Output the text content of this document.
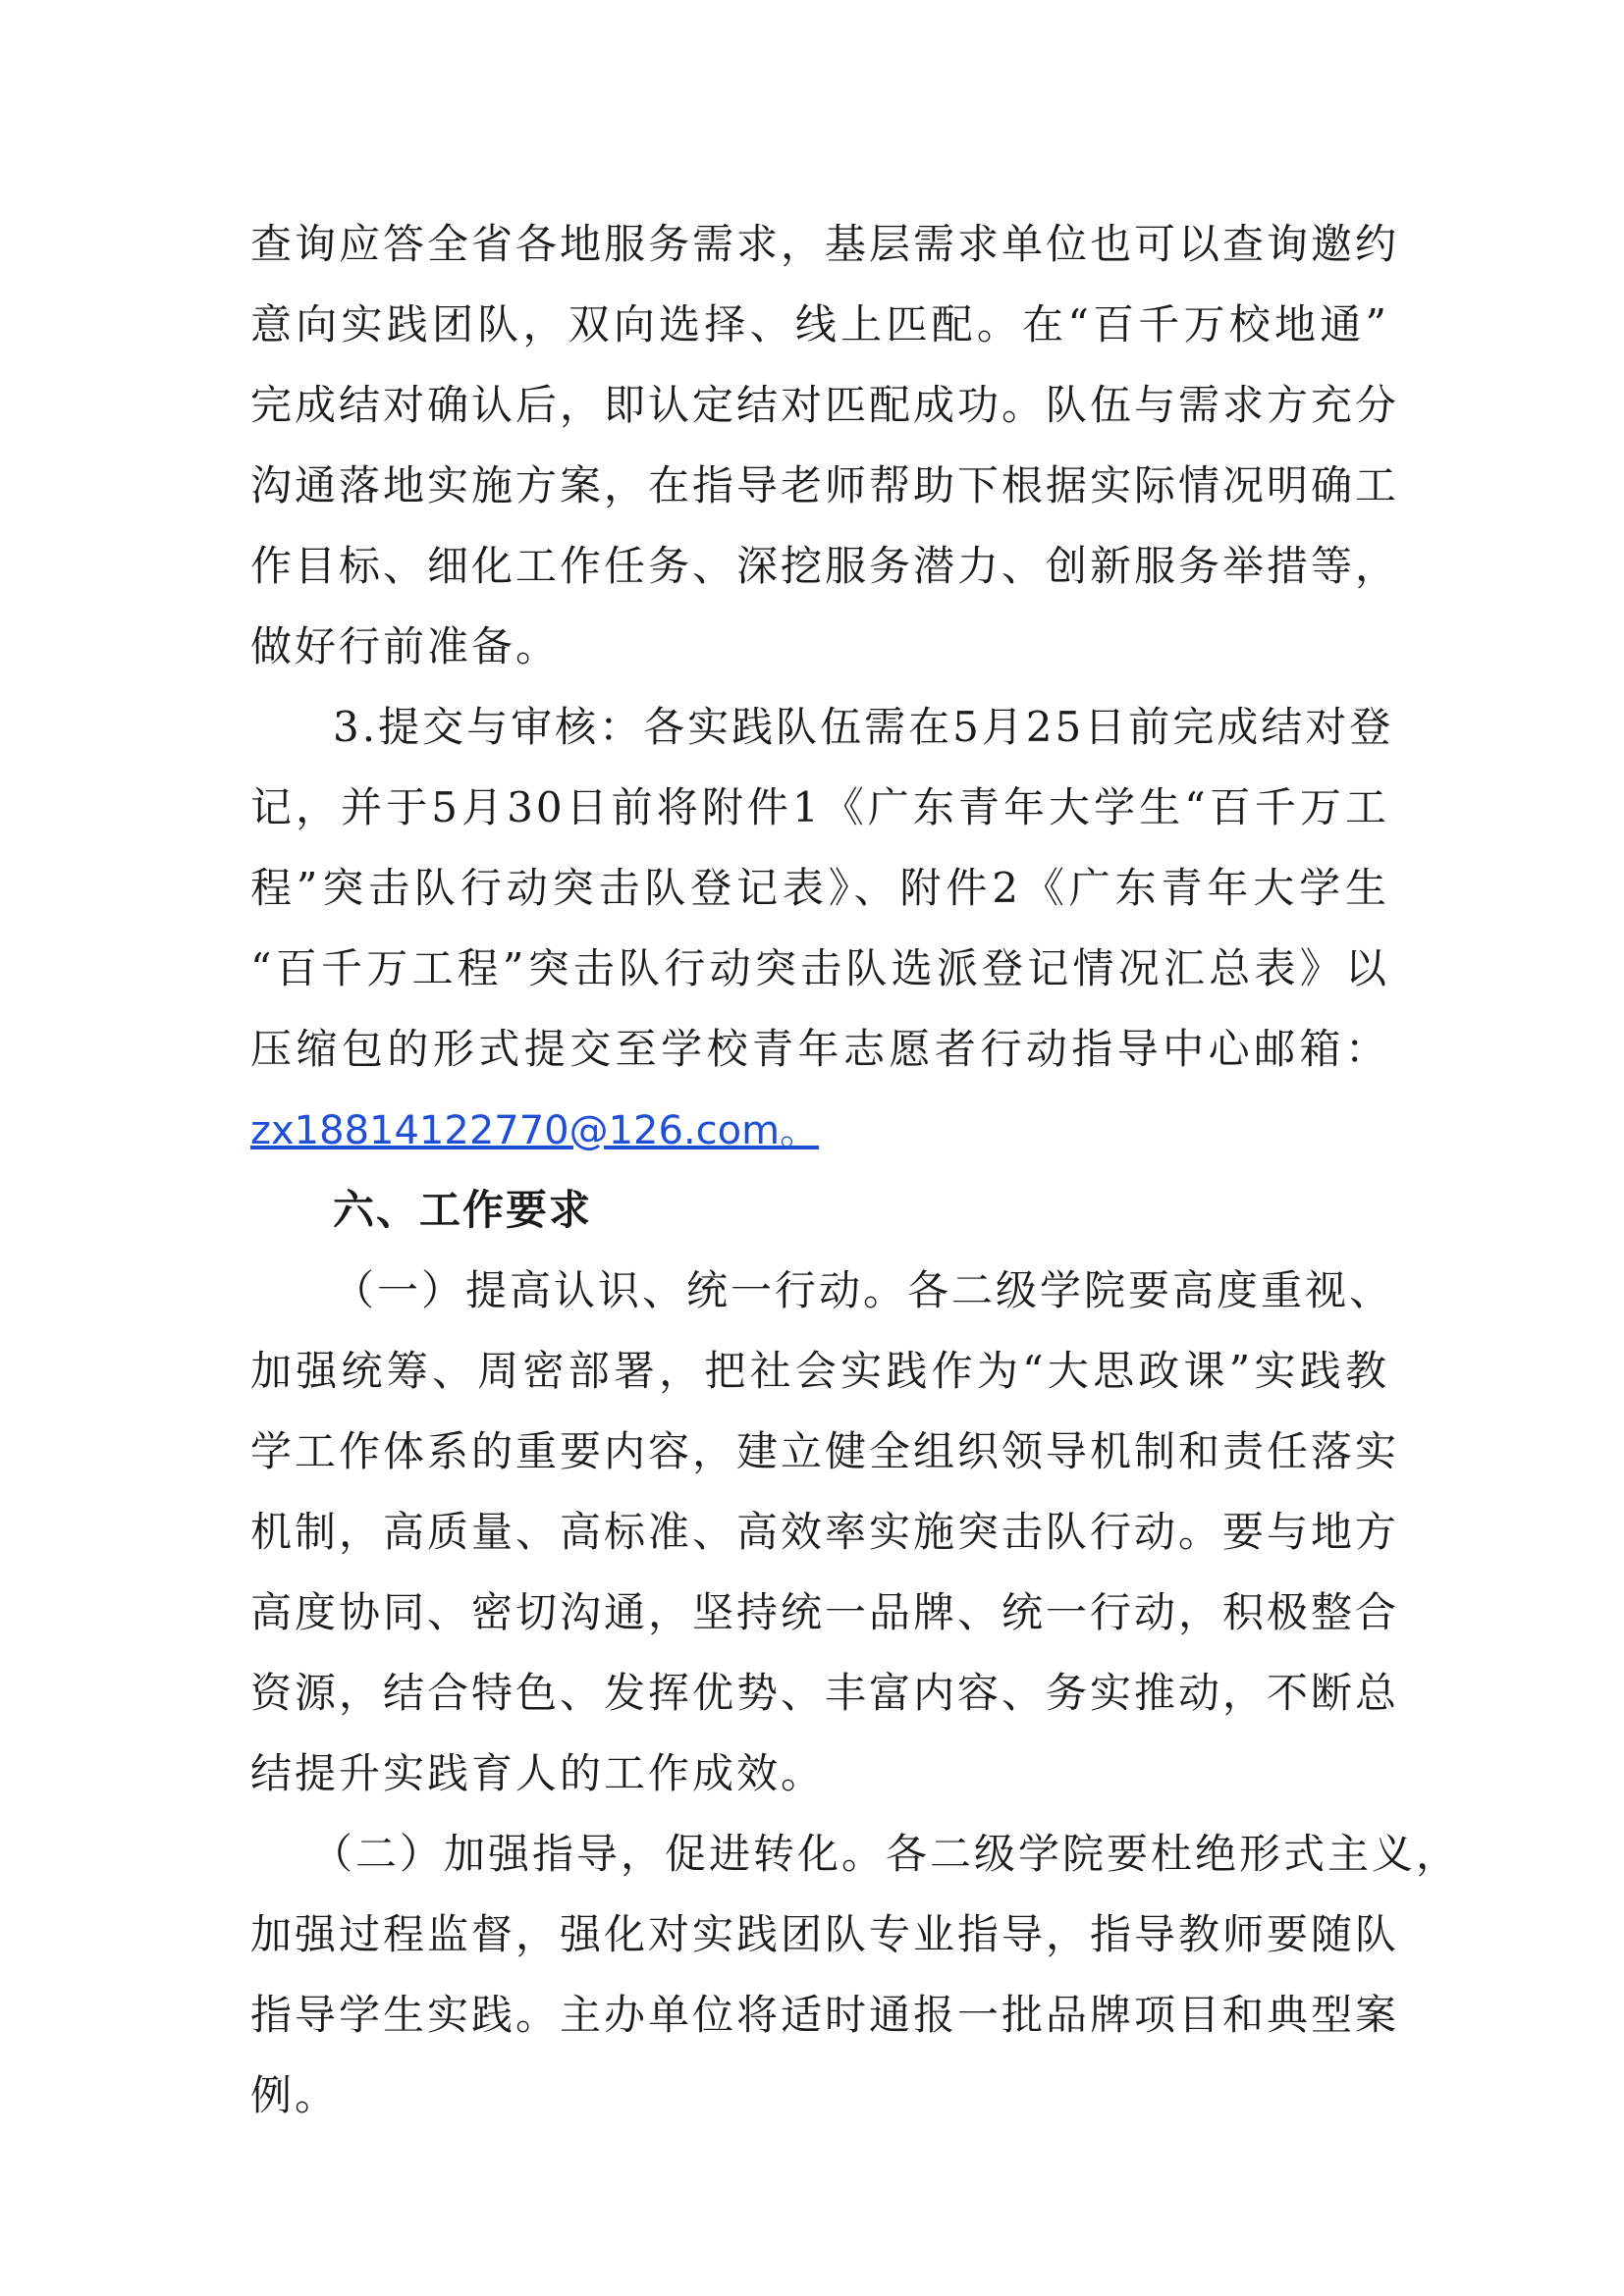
查询应答全省各地服务需求，基层需求单位也可以查询邀约
意向实践团队，双向选择、线上匹配。在“百千万校地通”
完成结对确认后，即认定结对匹配成功。队伍与需求方充分
沟通落地实施方案，在指导老师帮助下根据实际情况明确工
作目标、细化工作任务、深挖服务潜力、创新服务举措等，
做好行前准备。
3.提交与审核：各实践队伍需在5月25日前完成结对登
记，并于5月30日前将附件1《广东青年大学生“百千万工
程”突击队行动突击队登记表》、附件2《广东青年大学生
“百千万工程”突击队行动突击队选派登记情况汇总表》以
压缩包的形式提交至学校青年志愿者行动指导中心邮箱：
zx18814122770@126.com。
六、工作要求
（一）提高认识、统一行动。各二级学院要高度重视、
加强统筹、周密部署，把社会实践作为“大思政课”实践教
学工作体系的重要内容，建立健全组织领导机制和责任落实
机制，高质量、高标准、高效率实施突击队行动。要与地方
高度协同、密切沟通，坚持统一品牌、统一行动，积极整合
资源，结合特色、发挥优势、丰富内容、务实推动，不断总
结提升实践育人的工作成效。
（二）加强指导，促进转化。各二级学院要杜绝形式主义，
加强过程监督，强化对实践团队专业指导，指导教师要随队
指导学生实践。主办单位将适时通报一批品牌项目和典型案
例。
